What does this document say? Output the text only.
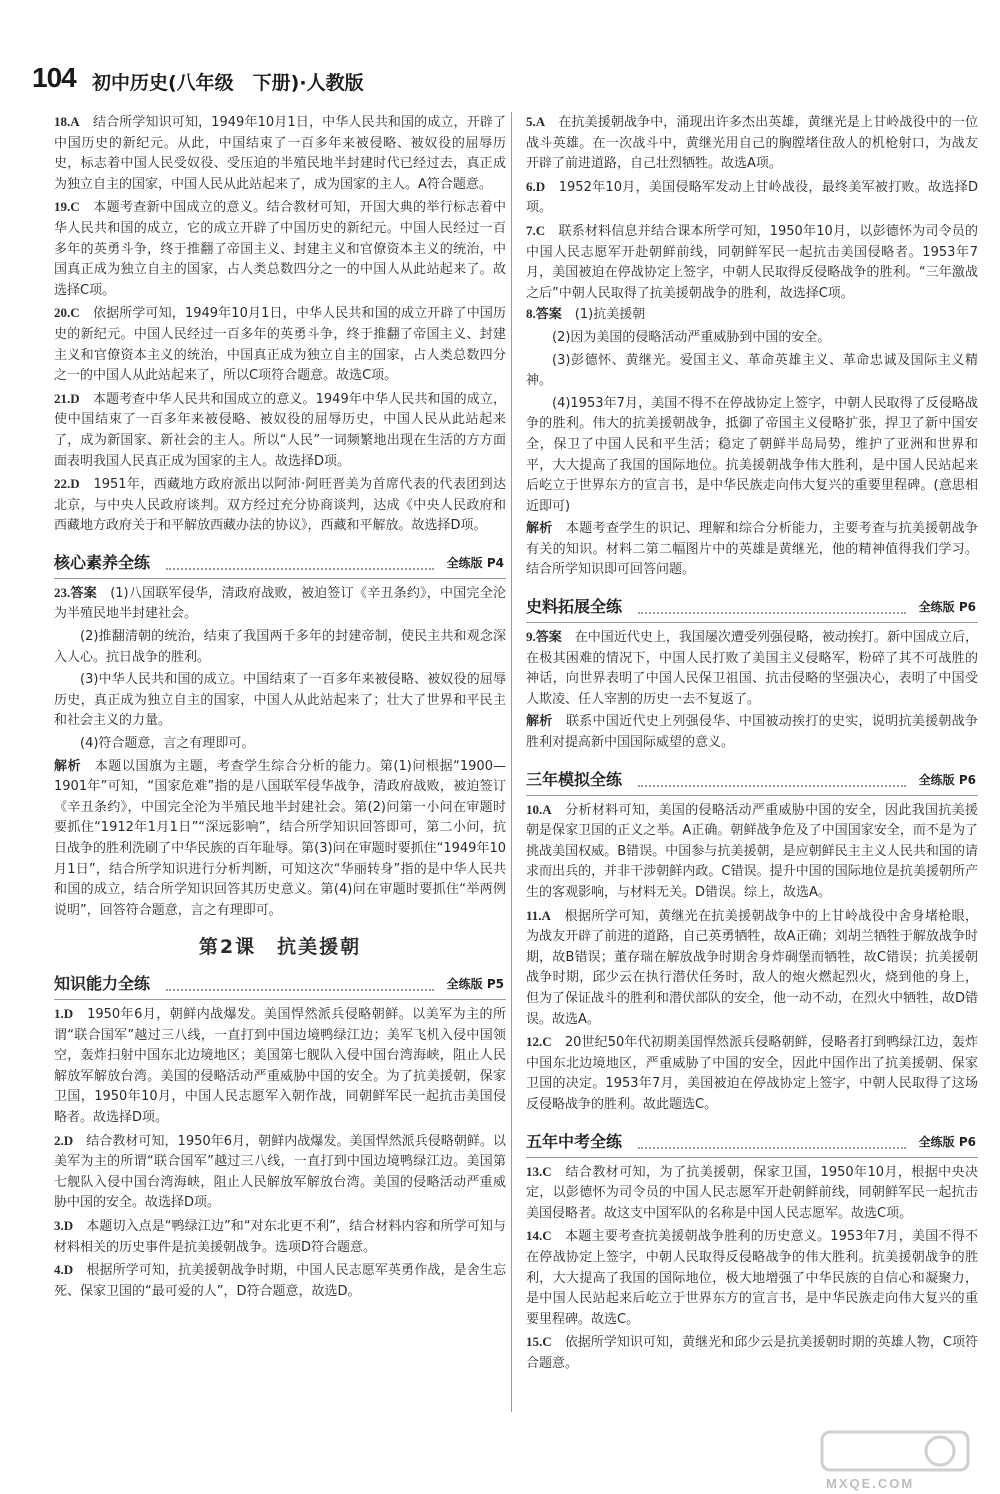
104 初中历史(八年级　下册)·人教版

18.A　 结合所学知识可知，1949年10月1日，中华人民共和国的成立，开辟了中国历史的新纪元。从此，中国结束了一百多年来被侵略、被奴役的屈辱历史，标志着中国人民受奴役、受压迫的半殖民地半封建时代已经过去，真正成为独立自主的国家，中国人民从此站起来了，成为国家的主人。A符合题意。

19.C　 本题考查新中国成立的意义。结合教材可知，开国大典的举行标志着中华人民共和国的成立，它的成立开辟了中国历史的新纪元。中国人民经过一百多年的英勇斗争，终于推翻了帝国主义、封建主义和官僚资本主义的统治，中国真正成为独立自主的国家，占人类总数四分之一的中国人从此站起来了。故选择C项。

20.C　 依据所学可知，1949年10月1日，中华人民共和国的成立开辟了中国历史的新纪元。中国人民经过一百多年的英勇斗争，终于推翻了帝国主义、封建主义和官僚资本主义的统治，中国真正成为独立自主的国家，占人类总数四分之一的中国人从此站起来了，所以C项符合题意。故选C项。

21.D　 本题考查中华人民共和国成立的意义。1949年中华人民共和国的成立，使中国结束了一百多年来被侵略、被奴役的屈辱历史，中国人民从此站起来了，成为新国家、新社会的主人。所以“人民”一词频繁地出现在生活的方方面面表明我国人民真正成为国家的主人。故选择D项。

22.D　 1951年，西藏地方政府派出以阿沛·阿旺晋美为首席代表的代表团到达北京，与中央人民政府谈判。双方经过充分协商谈判，达成《中央人民政府和西藏地方政府关于和平解放西藏办法的协议》，西藏和平解放。故选择D项。

核心素养全练	全练版 P4

23.答案　 (1)八国联军侵华，清政府战败，被迫签订《辛丑条约》，中国完全沦为半殖民地半封建社会。

(2)推翻清朝的统治，结束了我国两千多年的封建帝制，使民主共和观念深入人心。抗日战争的胜利。

(3)中华人民共和国的成立。中国结束了一百多年来被侵略、被奴役的屈辱历史，真正成为独立自主的国家，中国人从此站起来了；壮大了世界和平民主和社会主义的力量。

(4)符合题意，言之有理即可。

解析　 本题以国旗为主题，考查学生综合分析的能力。第(1)问根据“1900—1901年”可知，“国家危难”指的是八国联军侵华战争，清政府战败，被迫签订《辛丑条约》，中国完全沦为半殖民地半封建社会。第(2)问第一小问在审题时要抓住“1912年1月1日”“深远影响”，结合所学知识回答即可，第二小问，抗日战争的胜利洗刷了中华民族的百年耻辱。第(3)问在审题时要抓住“1949年10月1日”，结合所学知识进行分析判断，可知这次“华丽转身”指的是中华人民共和国的成立，结合所学知识回答其历史意义。第(4)问在审题时要抓住“举两例说明”，回答符合题意，言之有理即可。

第2课　抗美援朝
知识能力全练	全练版 P5

1.D　 1950年6月，朝鲜内战爆发。美国悍然派兵侵略朝鲜。以美军为主的所谓“联合国军”越过三八线，一直打到中国边境鸭绿江边；美军飞机入侵中国领空，轰炸扫射中国东北边境地区；美国第七舰队入侵中国台湾海峡，阻止人民解放军解放台湾。美国的侵略活动严重威胁中国的安全。为了抗美援朝，保家卫国，1950年10月，中国人民志愿军入朝作战，同朝鲜军民一起抗击美国侵略者。故选择D项。

2.D　 结合教材可知，1950年6月，朝鲜内战爆发。美国悍然派兵侵略朝鲜。以美军为主的所谓“联合国军”越过三八线，一直打到中国边境鸭绿江边。美国第七舰队入侵中国台湾海峡，阻止人民解放军解放台湾。美国的侵略活动严重威胁中国的安全。故选择D项。

3.D　 本题切入点是“鸭绿江边”和“对东北更不利”，结合材料内容和所学可知与材料相关的历史事件是抗美援朝战争。选项D符合题意。

4.D　 根据所学可知，抗美援朝战争时期，中国人民志愿军英勇作战，是舍生忘死、保家卫国的“最可爱的人”，D符合题意，故选D。

5.A　 在抗美援朝战争中，涌现出许多杰出英雄，黄继光是上甘岭战役中的一位战斗英雄。在一次战斗中，黄继光用自己的胸膛堵住敌人的机枪射口，为战友开辟了前进道路，自己壮烈牺牲。故选A项。

6.D　 1952年10月，美国侵略军发动上甘岭战役，最终美军被打败。故选择D项。

7.C　 联系材料信息并结合课本所学可知，1950年10月，以彭德怀为司令员的中国人民志愿军开赴朝鲜前线，同朝鲜军民一起抗击美国侵略者。1953年7月，美国被迫在停战协定上签字，中朝人民取得反侵略战争的胜利。“三年激战之后”中朝人民取得了抗美援朝战争的胜利，故选择C项。

8.答案　 (1)抗美援朝

(2)因为美国的侵略活动严重威胁到中国的安全。

(3)彭德怀、黄继光。爱国主义、革命英雄主义、革命忠诚及国际主义精神。

(4)1953年7月，美国不得不在停战协定上签字，中朝人民取得了反侵略战争的胜利。伟大的抗美援朝战争，抵御了帝国主义侵略扩张，捍卫了新中国安全，保卫了中国人民和平生活；稳定了朝鲜半岛局势，维护了亚洲和世界和平，大大提高了我国的国际地位。抗美援朝战争伟大胜利，是中国人民站起来后屹立于世界东方的宣言书，是中华民族走向伟大复兴的重要里程碑。(意思相近即可)

解析　 本题考查学生的识记、理解和综合分析能力，主要考查与抗美援朝战争有关的知识。材料二第二幅图片中的英雄是黄继光，他的精神值得我们学习。结合所学知识即可回答问题。

史料拓展全练	全练版 P6

9.答案　 在中国近代史上，我国屡次遭受列强侵略，被动挨打。新中国成立后，在极其困难的情况下，中国人民打败了美国主义侵略军，粉碎了其不可战胜的神话，向世界表明了中国人民保卫祖国、抗击侵略的坚强决心，表明了中国受人欺凌、任人宰割的历史一去不复返了。

解析　 联系中国近代史上列强侵华、中国被动挨打的史实，说明抗美援朝战争胜利对提高新中国国际威望的意义。

三年模拟全练	全练版 P6

10.A　 分析材料可知，美国的侵略活动严重威胁中国的安全，因此我国抗美援朝是保家卫国的正义之举。A正确。朝鲜战争危及了中国国家安全，而不是为了挑战美国权威。B错误。中国参与抗美援朝，是应朝鲜民主主义人民共和国的请求而出兵的，并非干涉朝鲜内政。C错误。提升中国的国际地位是抗美援朝所产生的客观影响，与材料无关。D错误。综上，故选A。

11.A　 根据所学可知，黄继光在抗美援朝战争中的上甘岭战役中舍身堵枪眼，为战友开辟了前进的道路，自己英勇牺牲，故A正确；刘胡兰牺牲于解放战争时期，故B错误；董存瑞在解放战争时期舍身炸碉堡而牺牲，故C错误；抗美援朝战争时期，邱少云在执行潜伏任务时，敌人的炮火燃起烈火，烧到他的身上，但为了保证战斗的胜利和潜伏部队的安全，他一动不动，在烈火中牺牲，故D错误。故选A。

12.C　 20世纪50年代初期美国悍然派兵侵略朝鲜，侵略者打到鸭绿江边，轰炸中国东北边境地区，严重威胁了中国的安全，因此中国作出了抗美援朝、保家卫国的决定。1953年7月，美国被迫在停战协定上签字，中朝人民取得了这场反侵略战争的胜利。故此题选C。

五年中考全练	全练版 P6

13.C　 结合教材可知，为了抗美援朝，保家卫国，1950年10月，根据中央决定，以彭德怀为司令员的中国人民志愿军开赴朝鲜前线，同朝鲜军民一起抗击美国侵略者。故这支中国军队的名称是中国人民志愿军。故选C项。

14.C　 本题主要考查抗美援朝战争胜利的历史意义。1953年7月，美国不得不在停战协定上签字，中朝人民取得反侵略战争的伟大胜利。抗美援朝战争的胜利，大大提高了我国的国际地位，极大地增强了中华民族的自信心和凝聚力，是中国人民站起来后屹立于世界东方的宣言书，是中华民族走向伟大复兴的重要里程碑。故选C。

15.C　 依据所学知识可知，黄继光和邱少云是抗美援朝时期的英雄人物，C项符合题意。

MXQE.COM
